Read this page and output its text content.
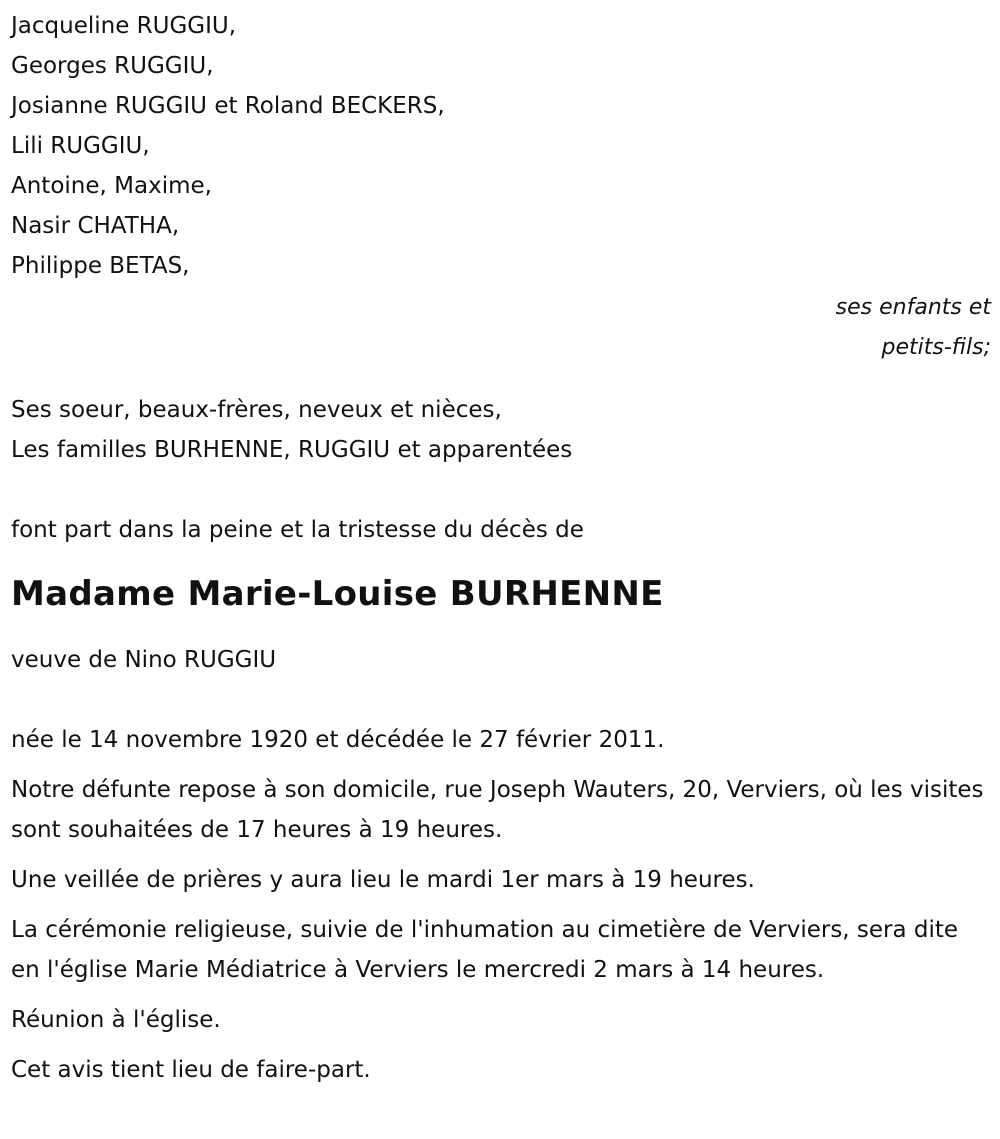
Jacqueline RUGGIU,
Georges RUGGIU,
Josianne RUGGIU et Roland BECKERS,
Lili RUGGIU,
Antoine, Maxime,
Nasir CHATHA,
Philippe BETAS,
ses enfants et
petits-fils;
Ses soeur, beaux-frères, neveux et nièces,
Les familles BURHENNE, RUGGIU et apparentées
font part dans la peine et la tristesse du décès de
Madame Marie-Louise BURHENNE
veuve de Nino RUGGIU
née le 14 novembre 1920 et décédée le 27 février 2011.
Notre défunte repose à son domicile, rue Joseph Wauters, 20, Verviers, où les visites sont souhaitées de 17 heures à 19 heures.
Une veillée de prières y aura lieu le mardi 1er mars à 19 heures.
La cérémonie religieuse, suivie de l'inhumation au cimetière de Verviers, sera dite en l'église Marie Médiatrice à Verviers le mercredi 2 mars à 14 heures.
Réunion à l'église.
Cet avis tient lieu de faire-part.
